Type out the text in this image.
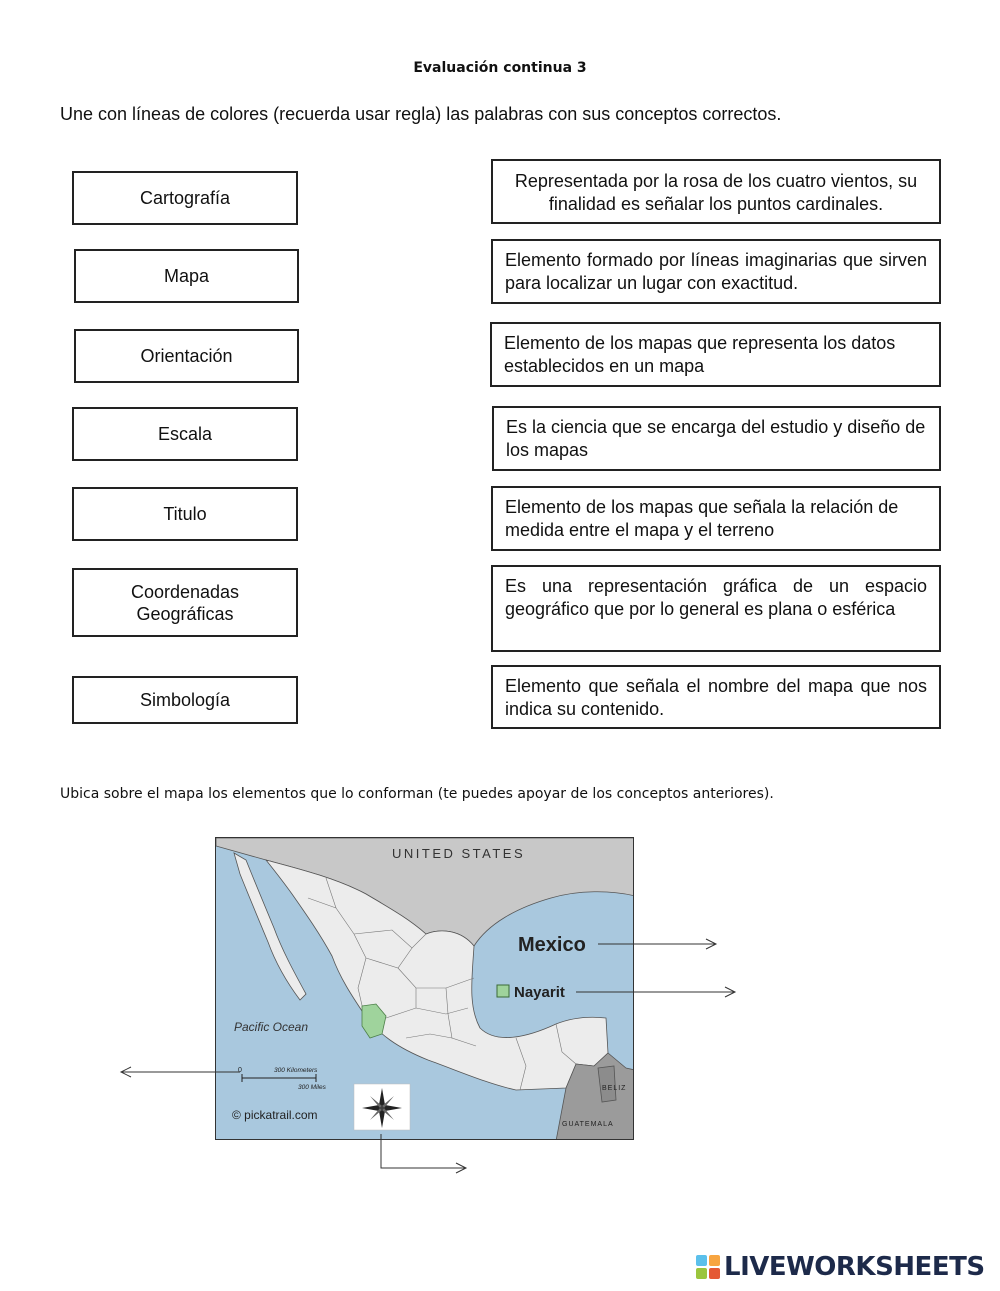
Evaluación continua 3
Une con líneas de colores (recuerda usar regla) las palabras con sus conceptos correctos.
Cartografía
Mapa
Orientación
Escala
Titulo
Coordenadas Geográficas
Simbología
Representada por la rosa de los cuatro vientos, su finalidad es señalar los puntos cardinales.
Elemento formado por líneas imaginarias que sirven para localizar un lugar con exactitud.
Elemento de los mapas que representa los datos establecidos en un mapa
Es la ciencia que se encarga del estudio y diseño de los mapas
Elemento de los mapas que señala la relación de medida entre el mapa y el terreno
Es una representación gráfica de un espacio geográfico que por lo general es plana o esférica
Elemento que señala el nombre del mapa que nos indica su contenido.
Ubica sobre el mapa los elementos que lo conforman (te puedes apoyar de los conceptos anteriores).
UNITED STATES
Mexico
Nayarit
Pacific Ocean
0	300 Kilometers
300 Miles
© pickatrail.com
BELIZ
GUATEMALA
LIVEWORKSHEETS
